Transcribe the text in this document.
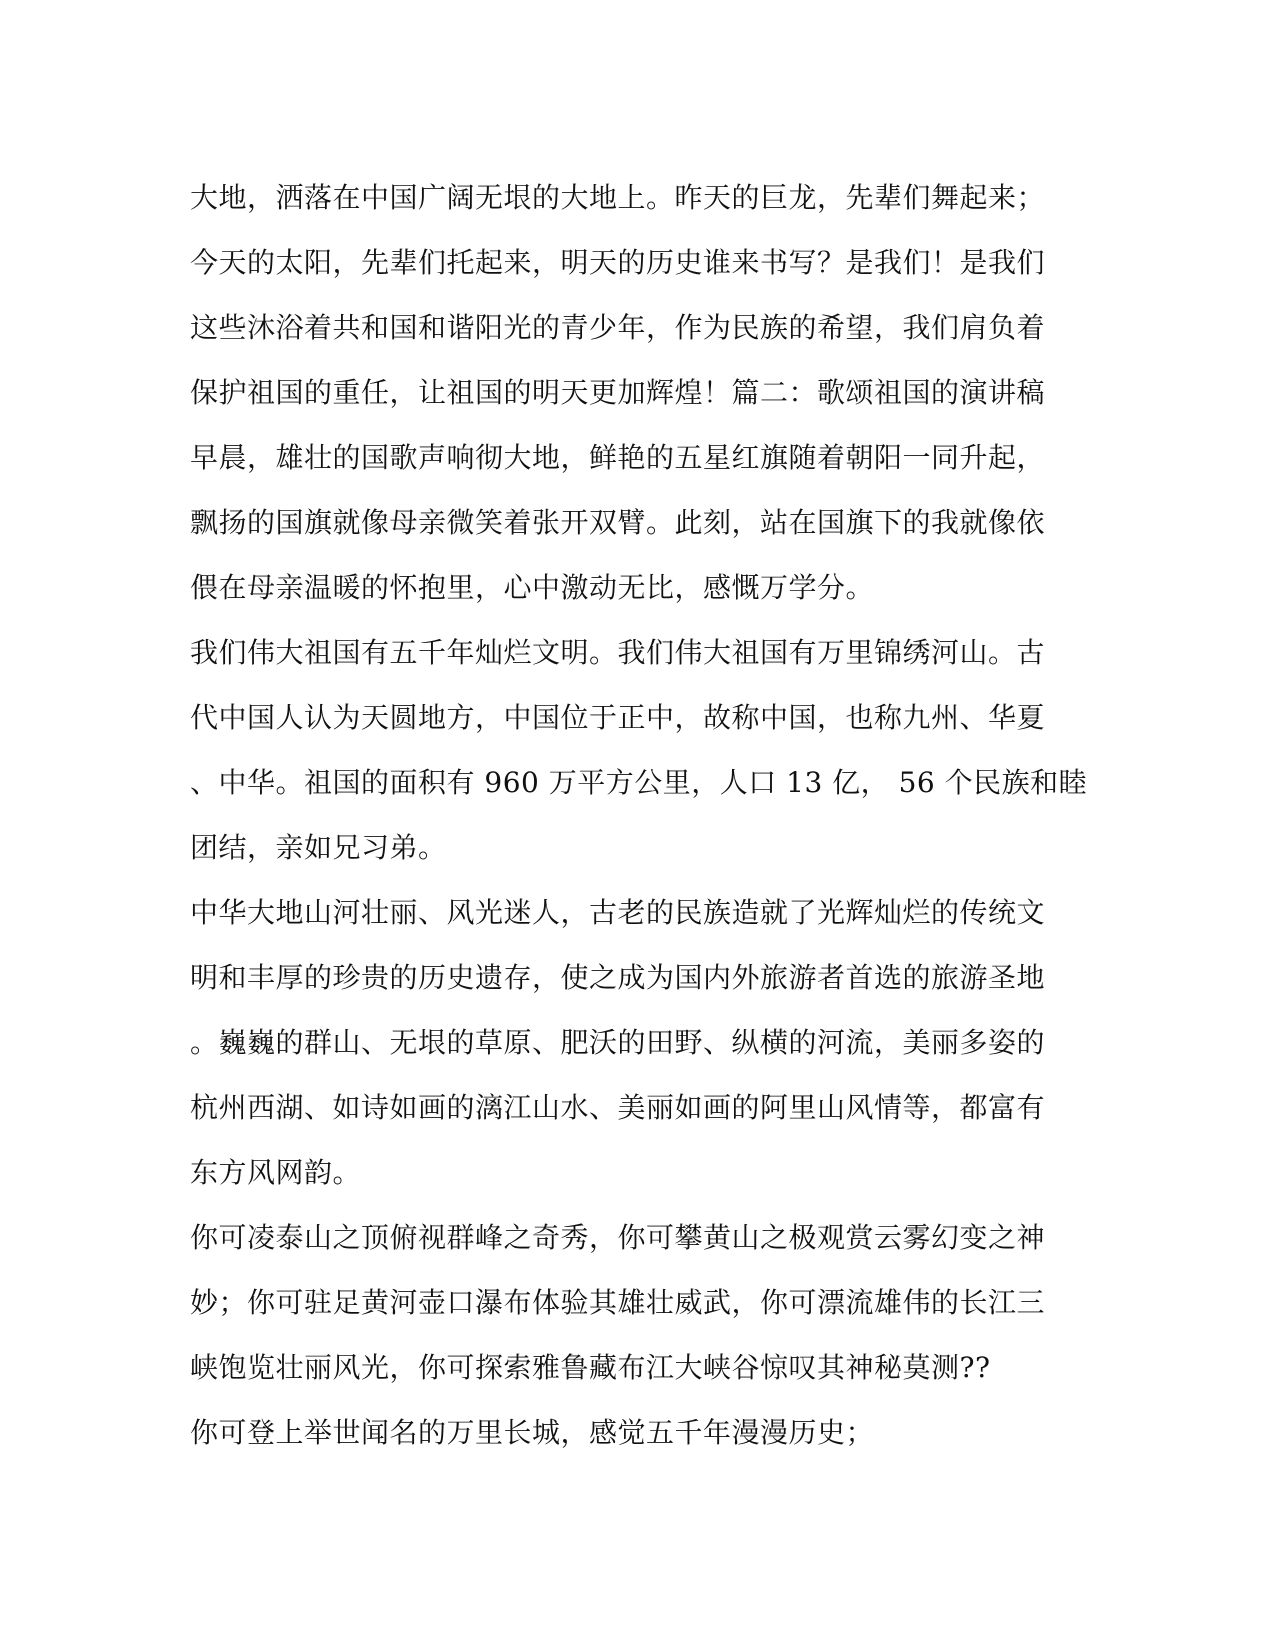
大地，洒落在中国广阔无垠的大地上。昨天的巨龙，先辈们舞起来；
今天的太阳，先辈们托起来，明天的历史谁来书写？是我们！是我们
这些沐浴着共和国和谐阳光的青少年，作为民族的希望，我们肩负着
保护祖国的重任，让祖国的明天更加辉煌！篇二：歌颂祖国的演讲稿
早晨，雄壮的国歌声响彻大地，鲜艳的五星红旗随着朝阳一同升起，
飘扬的国旗就像母亲微笑着张开双臂。此刻，站在国旗下的我就像依
偎在母亲温暖的怀抱里，心中激动无比，感慨万学分。
我们伟大祖国有五千年灿烂文明。我们伟大祖国有万里锦绣河山。古
代中国人认为天圆地方，中国位于正中，故称中国，也称九州、华夏
、中华。祖国的面积有 960 万平方公里，人口 13 亿， 56 个民族和睦
团结，亲如兄习弟。
中华大地山河壮丽、风光迷人，古老的民族造就了光辉灿烂的传统文
明和丰厚的珍贵的历史遗存，使之成为国内外旅游者首选的旅游圣地
。巍巍的群山、无垠的草原、肥沃的田野、纵横的河流，美丽多姿的
杭州西湖、如诗如画的漓江山水、美丽如画的阿里山风情等，都富有
东方风网韵。
你可凌泰山之顶俯视群峰之奇秀，你可攀黄山之极观赏云雾幻变之神
妙；你可驻足黄河壶口瀑布体验其雄壮威武，你可漂流雄伟的长江三
峡饱览壮丽风光，你可探索雅鲁藏布江大峡谷惊叹其神秘莫测??
你可登上举世闻名的万里长城，感觉五千年漫漫历史；
